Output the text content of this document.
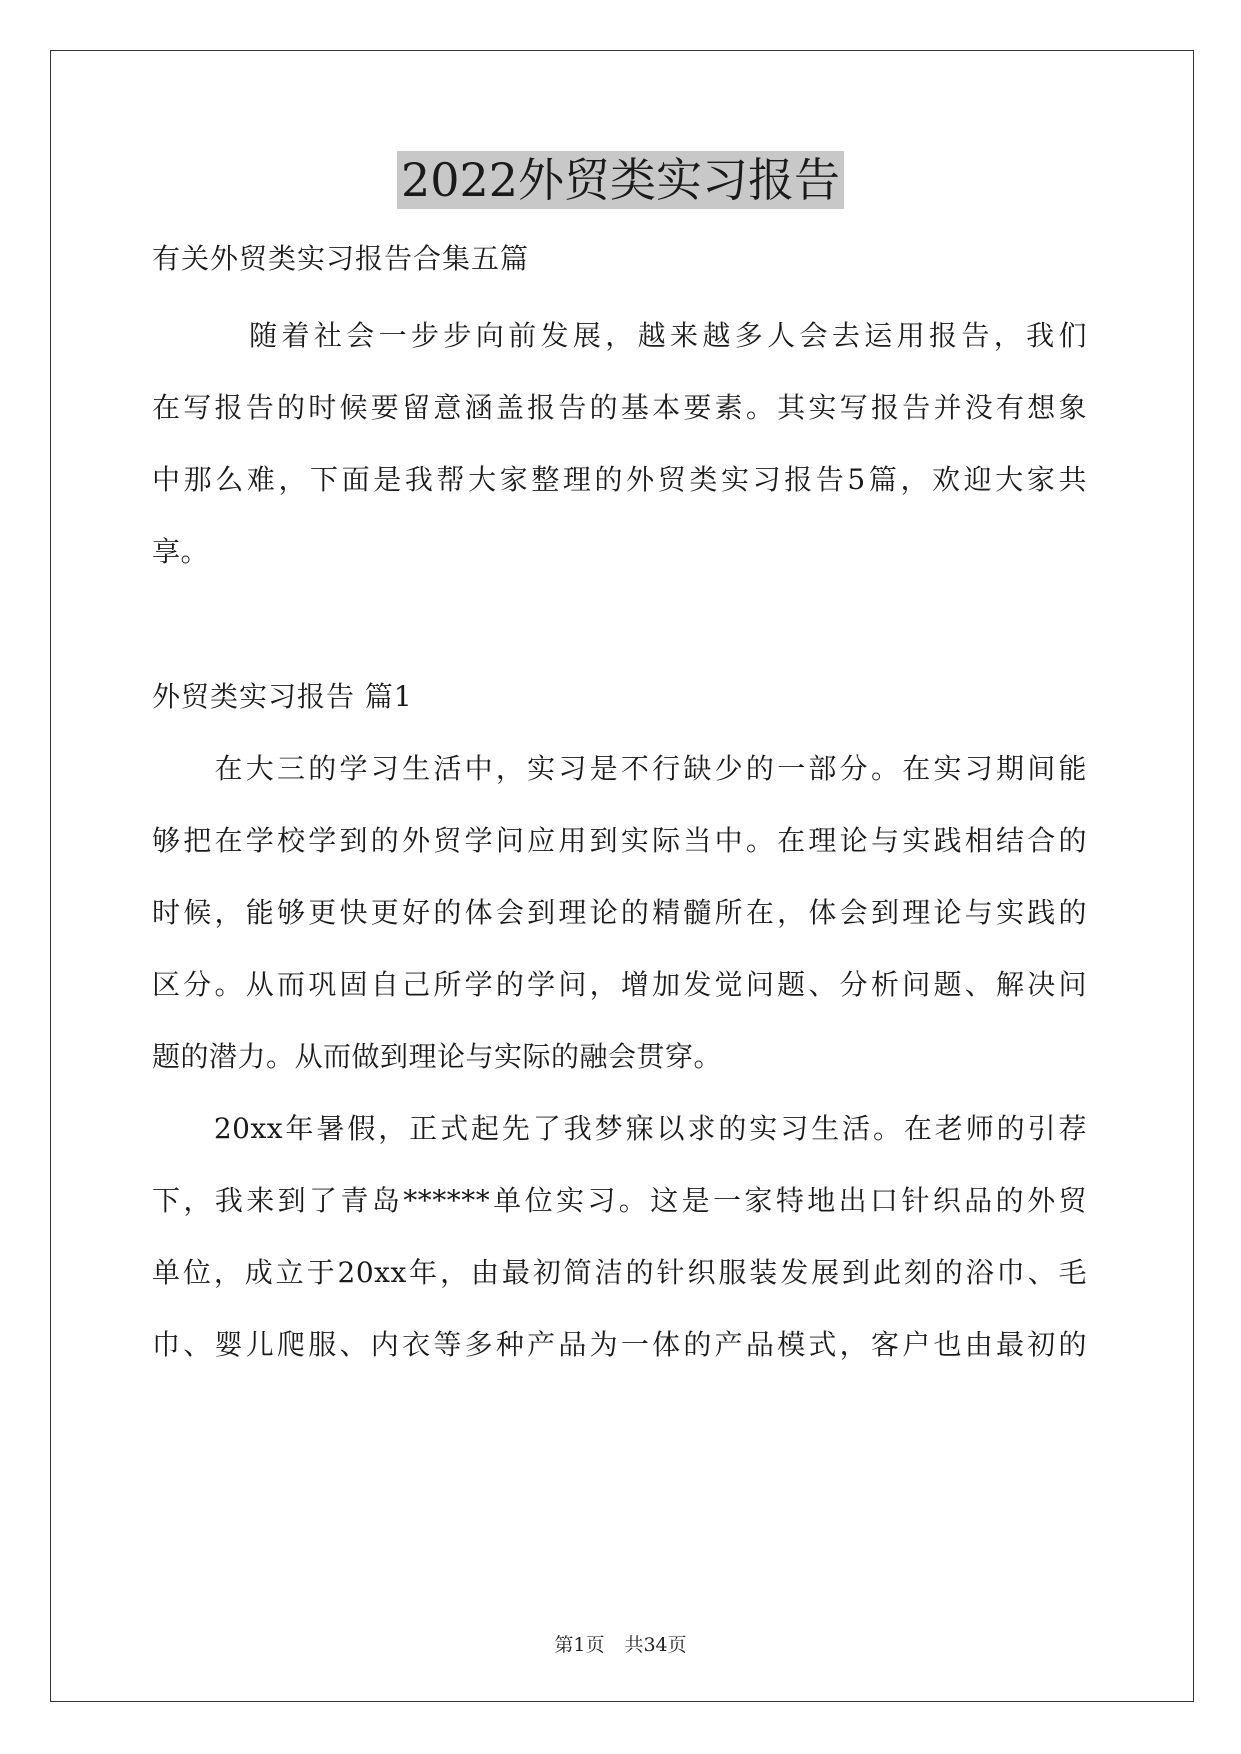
2022外贸类实习报告
有关外贸类实习报告合集五篇
　　　随着社会一步步向前发展，越来越多人会去运用报告，我们
在写报告的时候要留意涵盖报告的基本要素。其实写报告并没有想象
中那么难，下面是我帮大家整理的外贸类实习报告5篇，欢迎大家共
享。
外贸类实习报告 篇1
　　在大三的学习生活中，实习是不行缺少的一部分。在实习期间能
够把在学校学到的外贸学问应用到实际当中。在理论与实践相结合的
时候，能够更快更好的体会到理论的精髓所在，体会到理论与实践的
区分。从而巩固自己所学的学问，增加发觉问题、分析问题、解决问
题的潜力。从而做到理论与实际的融会贯穿。
　　20xx年暑假，正式起先了我梦寐以求的实习生活。在老师的引荐
下，我来到了青岛******单位实习。这是一家特地出口针织品的外贸
单位，成立于20xx年，由最初简洁的针织服装发展到此刻的浴巾、毛
巾、婴儿爬服、内衣等多种产品为一体的产品模式，客户也由最初的
第1页 共34页
